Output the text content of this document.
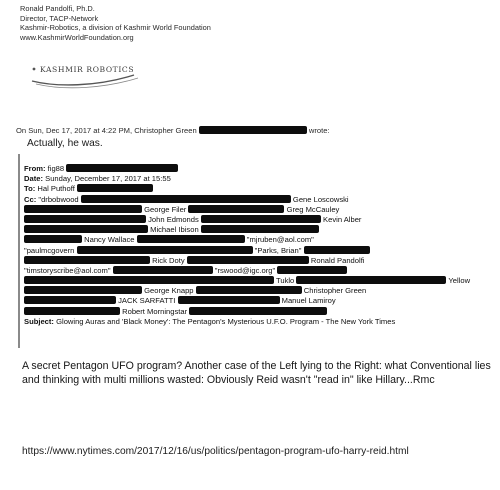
Ronald Pandolfi, Ph.D.
Director, TACP-Network
Kashmir-Robotics, a division of Kashmir World Foundation
www.KashmirWorldFoundation.org
KASHMIR ROBOTICS
On Sun, Dec 17, 2017 at 4:22 PM, Christopher Green	wrote:
Actually, he was.
From: fig88
Date: Sunday, December 17, 2017 at 15:55
To: Hal Puthoff
Cc: "drbobwood	Gene Loscowski
George Filer	Greg McCauley
John Edmonds	Kevin Alber
Michael Ibison
Nancy Wallace	"mjruben@aol.com"
"paulmcgovern	"Parks, Brian"
Rick Doty	Ronald Pandolfi
"timstoryscribe@aol.com"	"rswood@igc.org"
Tuklo	Yellow
George Knapp	Christopher Green
JACK SARFATTI	Manuel Lamiroy
Robert Morningstar
Subject: Glowing Auras and 'Black Money': The Pentagon's Mysterious U.F.O. Program - The New York Times
A secret Pentagon UFO program? Another case of the Left lying to the Right: what Conventional lies and thinking with multi millions wasted: Obviously Reid wasn't "read in" like Hillary...Rmc
https://www.nytimes.com/2017/12/16/us/politics/pentagon-program-ufo-harry-reid.html
